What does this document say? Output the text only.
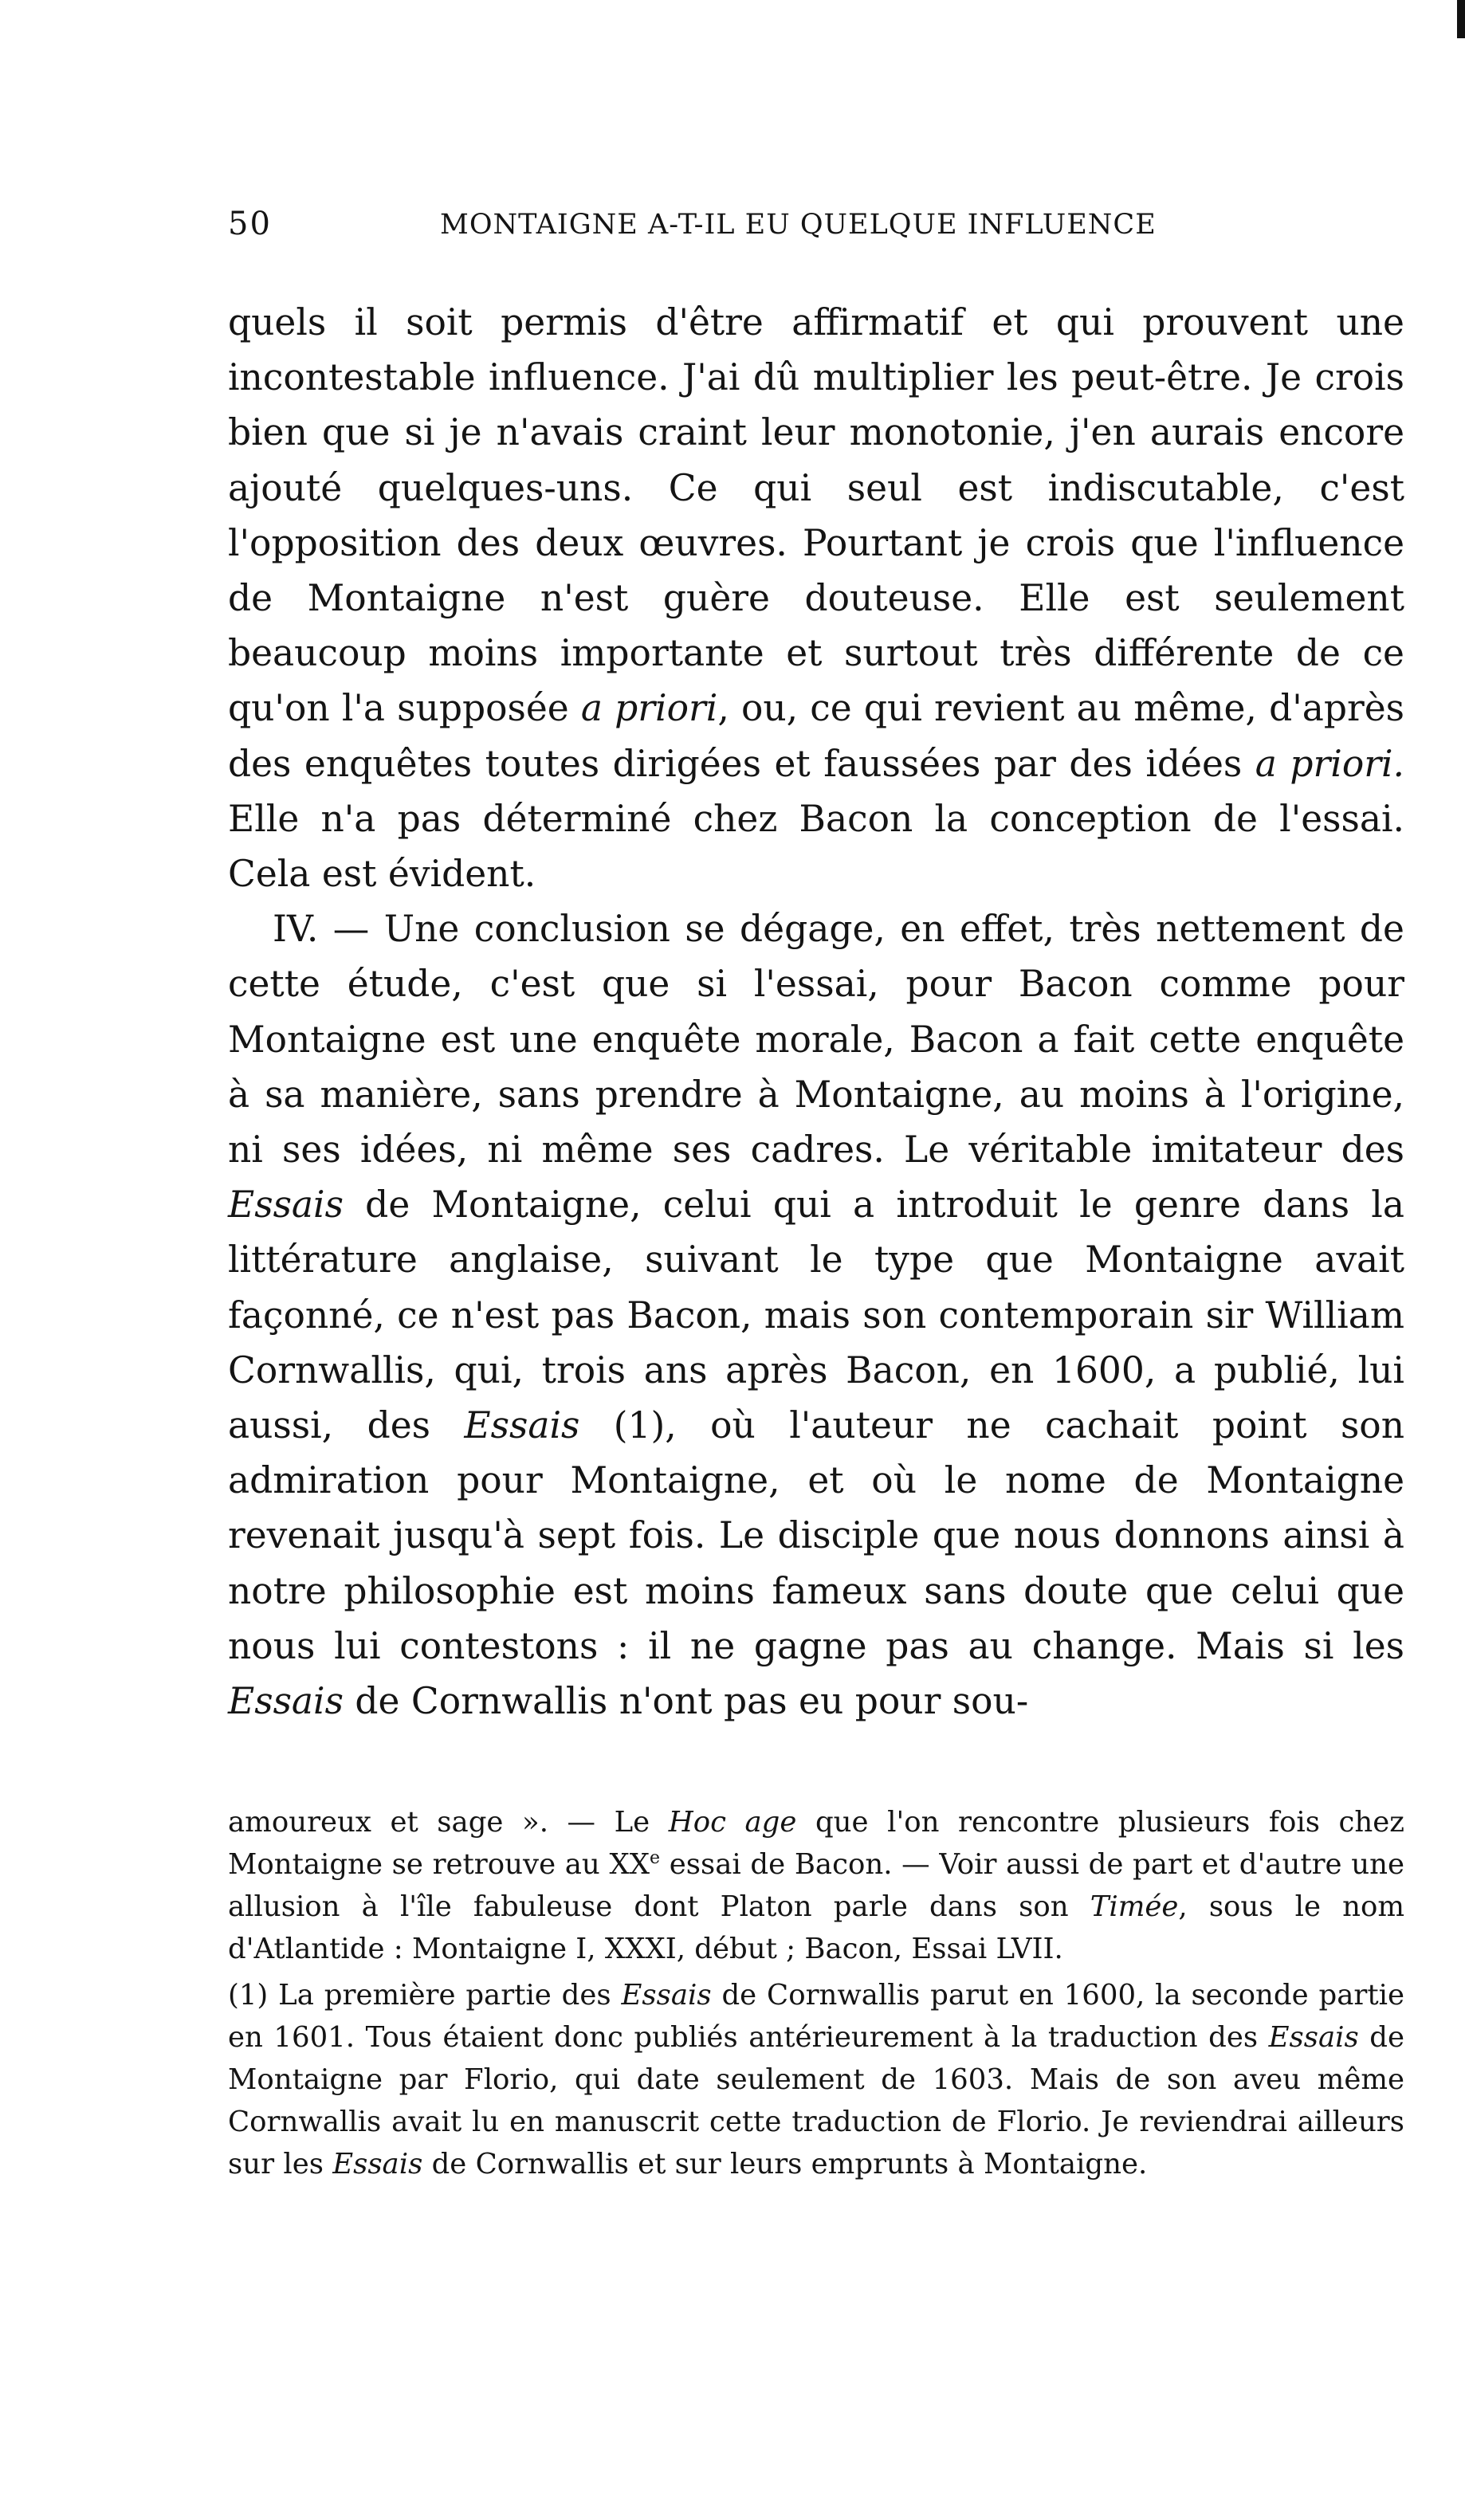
50	MONTAIGNE A-T-IL EU QUELQUE INFLUENCE

quels il soit permis d'être affirmatif et qui prouvent une incontestable influence. J'ai dû multiplier les peut-être. Je crois bien que si je n'avais craint leur monotonie, j'en aurais encore ajouté quelques-uns. Ce qui seul est indiscutable, c'est l'opposition des deux œuvres. Pourtant je crois que l'influence de Montaigne n'est guère douteuse. Elle est seulement beaucoup moins importante et surtout très différente de ce qu'on l'a supposée a priori, ou, ce qui revient au même, d'après des enquêtes toutes dirigées et faussées par des idées a priori. Elle n'a pas déterminé chez Bacon la conception de l'essai. Cela est évident.

IV. — Une conclusion se dégage, en effet, très nettement de cette étude, c'est que si l'essai, pour Bacon comme pour Montaigne est une enquête morale, Bacon a fait cette enquête à sa manière, sans prendre à Montaigne, au moins à l'origine, ni ses idées, ni même ses cadres. Le véritable imitateur des Essais de Montaigne, celui qui a introduit le genre dans la littérature anglaise, suivant le type que Montaigne avait façonné, ce n'est pas Bacon, mais son contemporain sir William Cornwallis, qui, trois ans après Bacon, en 1600, a publié, lui aussi, des Essais (1), où l'auteur ne cachait point son admiration pour Montaigne, et où le nome de Montaigne revenait jusqu'à sept fois. Le disciple que nous donnons ainsi à notre philosophie est moins fameux sans doute que celui que nous lui contestons : il ne gagne pas au change. Mais si les Essais de Cornwallis n'ont pas eu pour sou-

amoureux et sage ». — Le Hoc age que l'on rencontre plusieurs fois chez Montaigne se retrouve au XXe essai de Bacon. — Voir aussi de part et d'autre une allusion à l'île fabuleuse dont Platon parle dans son Timée, sous le nom d'Atlantide : Montaigne I, XXXI, début ; Bacon, Essai LVII.

(1) La première partie des Essais de Cornwallis parut en 1600, la seconde partie en 1601. Tous étaient donc publiés antérieurement à la traduction des Essais de Montaigne par Florio, qui date seulement de 1603. Mais de son aveu même Cornwallis avait lu en manuscrit cette traduction de Florio. Je reviendrai ailleurs sur les Essais de Cornwallis et sur leurs emprunts à Montaigne.
